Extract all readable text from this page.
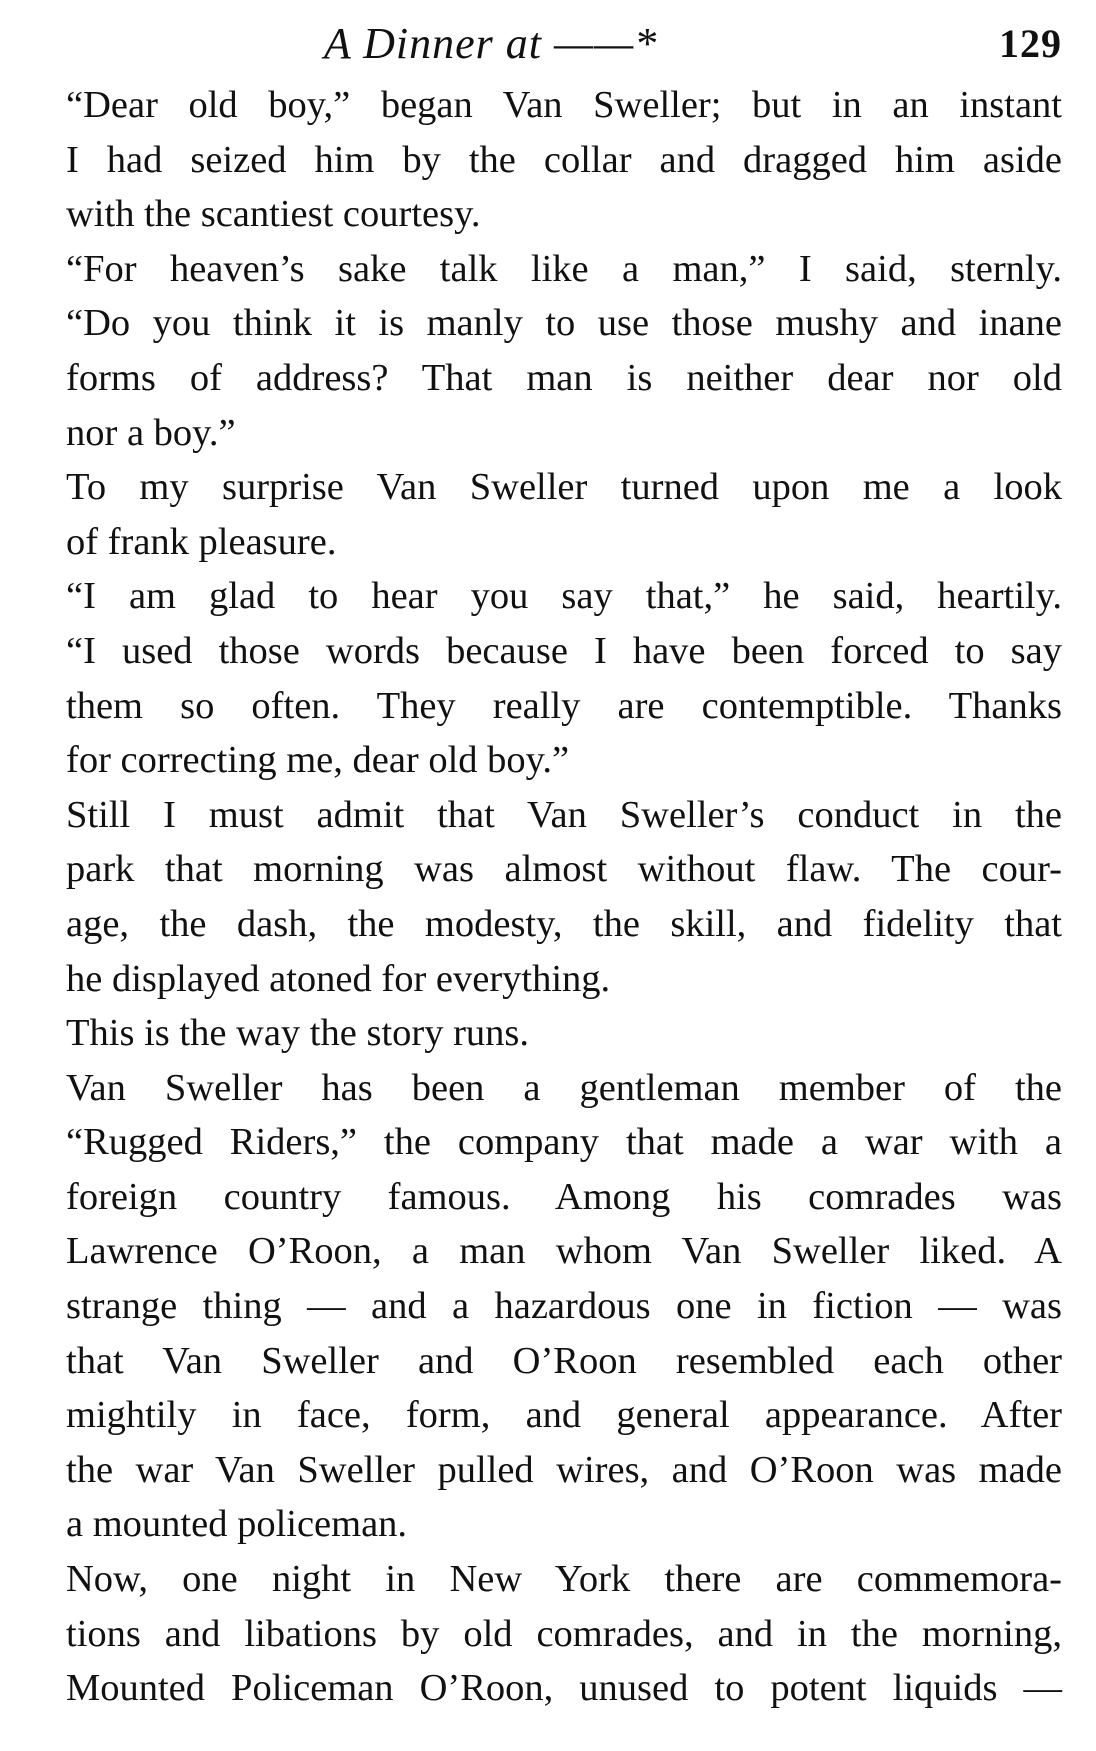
A Dinner at ——*	129

“Dear old boy,” began Van Sweller; but in an instant
I had seized him by the collar and dragged him aside
with the scantiest courtesy.

“For heaven’s sake talk like a man,” I said, sternly.
“Do you think it is manly to use those mushy and inane
forms of address? That man is neither dear nor old
nor a boy.”

To my surprise Van Sweller turned upon me a look
of frank pleasure.

“I am glad to hear you say that,” he said, heartily.
“I used those words because I have been forced to say
them so often. They really are contemptible. Thanks
for correcting me, dear old boy.”

Still I must admit that Van Sweller’s conduct in the
park that morning was almost without flaw. The cour-
age, the dash, the modesty, the skill, and fidelity that
he displayed atoned for everything.

This is the way the story runs.

Van Sweller has been a gentleman member of the
“Rugged Riders,” the company that made a war with a
foreign country famous. Among his comrades was
Lawrence O’Roon, a man whom Van Sweller liked. A
strange thing — and a hazardous one in fiction — was
that Van Sweller and O’Roon resembled each other
mightily in face, form, and general appearance. After
the war Van Sweller pulled wires, and O’Roon was made
a mounted policeman.

Now, one night in New York there are commemora-
tions and libations by old comrades, and in the morning,
Mounted Policeman O’Roon, unused to potent liquids —
